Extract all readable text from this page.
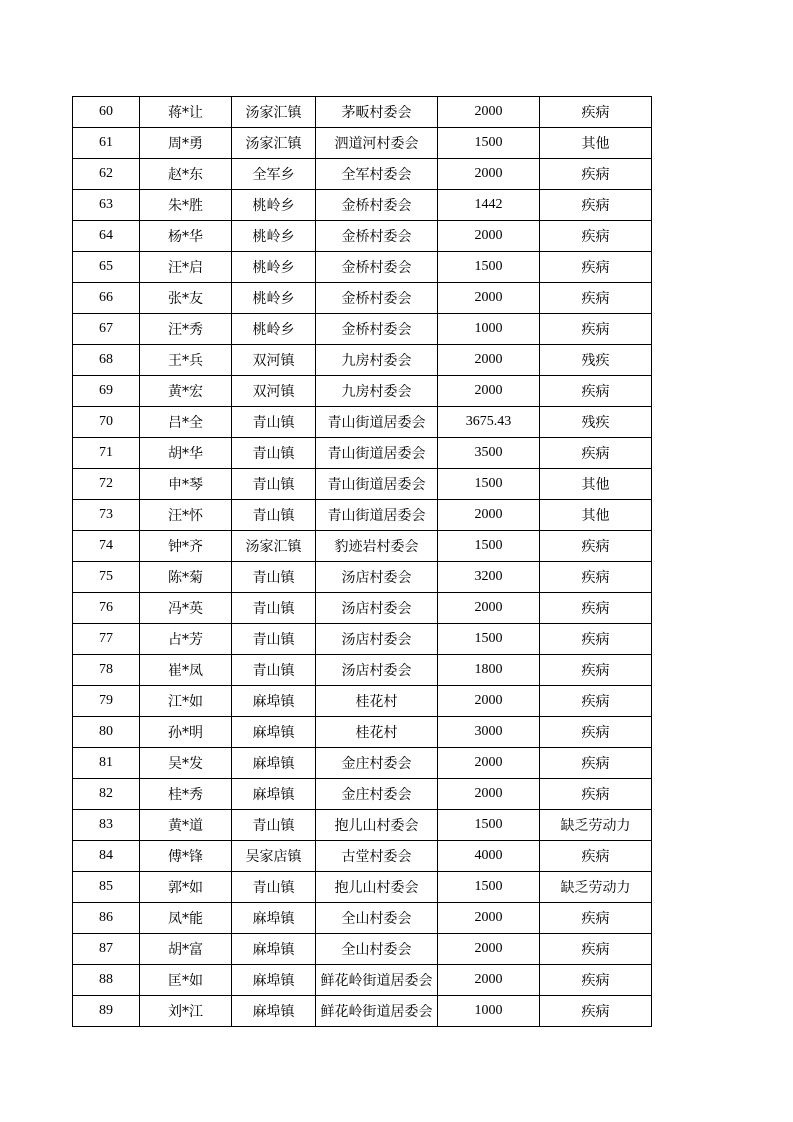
60	蒋*让	汤家汇镇	茅畈村委会	2000	疾病
61	周*勇	汤家汇镇	泗道河村委会	1500	其他
62	赵*东	全军乡	全军村委会	2000	疾病
63	朱*胜	桃岭乡	金桥村委会	1442	疾病
64	杨*华	桃岭乡	金桥村委会	2000	疾病
65	汪*启	桃岭乡	金桥村委会	1500	疾病
66	张*友	桃岭乡	金桥村委会	2000	疾病
67	汪*秀	桃岭乡	金桥村委会	1000	疾病
68	王*兵	双河镇	九房村委会	2000	残疾
69	黄*宏	双河镇	九房村委会	2000	疾病
70	吕*全	青山镇	青山街道居委会	3675.43	残疾
71	胡*华	青山镇	青山街道居委会	3500	疾病
72	申*琴	青山镇	青山街道居委会	1500	其他
73	汪*怀	青山镇	青山街道居委会	2000	其他
74	钟*齐	汤家汇镇	豹迹岩村委会	1500	疾病
75	陈*菊	青山镇	汤店村委会	3200	疾病
76	冯*英	青山镇	汤店村委会	2000	疾病
77	占*芳	青山镇	汤店村委会	1500	疾病
78	崔*凤	青山镇	汤店村委会	1800	疾病
79	江*如	麻埠镇	桂花村	2000	疾病
80	孙*明	麻埠镇	桂花村	3000	疾病
81	吴*发	麻埠镇	金庄村委会	2000	疾病
82	桂*秀	麻埠镇	金庄村委会	2000	疾病
83	黄*道	青山镇	抱儿山村委会	1500	缺乏劳动力
84	傅*锋	吴家店镇	古堂村委会	4000	疾病
85	郭*如	青山镇	抱儿山村委会	1500	缺乏劳动力
86	凤*能	麻埠镇	全山村委会	2000	疾病
87	胡*富	麻埠镇	全山村委会	2000	疾病
88	匡*如	麻埠镇	鲜花岭街道居委会	2000	疾病
89	刘*江	麻埠镇	鲜花岭街道居委会	1000	疾病
